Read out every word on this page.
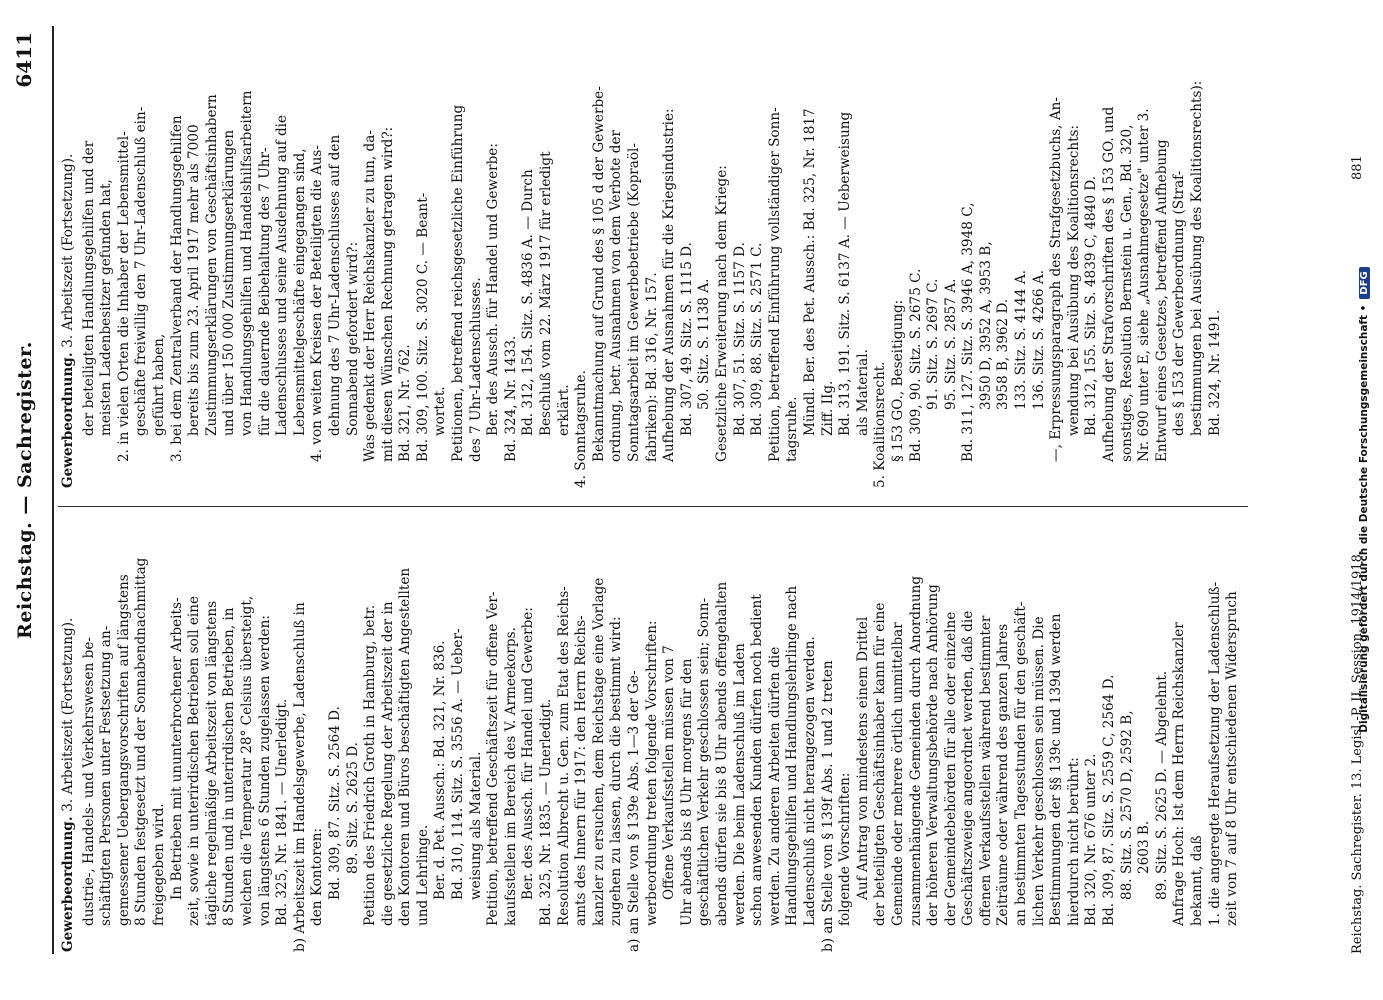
Reichstag. — Sachregister.
6411
Gewerbeordnung. 3. Arbeitszeit (Fortsetzung). dustrie-, Handels- und Verkehrswesen be- schäftigten Personen unter Festsetzung an- gemessener Uebergangsvorschriften auf längstens 8 Stunden festgesetzt und der Sonnabendnachmittag freigegeben wird. In Betrieben mit ununterbrochener Arbeits- zeit, sowie in unterirdischen Betrieben soll eine tägliche regelmäßige Arbeitszeit von längstens 8 Stunden und in unterirdischen Betrieben, in welchen die Temperatur 28° Celsius übersteigt, von längstens 6 Stunden zugelassen werden: Bd. 325, Nr. 1841. — Unerledigt. b) Arbeitszeit im Handelsgewerbe, Ladenschluß in den Kontoren: Bd. 309, 87. Sitz. S. 2564 D. 89. Sitz. S. 2625 D. Petition des Friedrich Groth in Hamburg, betr. die gesetzliche Regelung der Arbeitszeit der in den Kontoren und Büros beschäftigten Angestellten und Lehrlinge. Ber. d. Pet. Aussch.: Bd. 321, Nr. 836. Bd. 310, 114. Sitz. S. 3556 A. — Ueber- weisung als Material. Petition, betreffend Geschäftszeit für offene Ver- kaufsstellen im Bereich des V. Armeekorps. Ber. des Aussch. für Handel und Gewerbe: Bd. 325, Nr. 1835. — Unerledigt. Resolution Albrecht u. Gen. zum Etat des Reichs- amts des Innern für 1917: den Herrn Reichs- kanzler zu ersuchen, dem Reichstage eine Vorlage zugehen zu lassen, durch die bestimmt wird: a) an Stelle von § 139e Abs. 1—3 der Ge- werbeordnung treten folgende Vorschriften: Offene Verkaufsstellen müssen von 7 Uhr abends bis 8 Uhr morgens für den geschäftlichen Verkehr geschlossen sein; Sonn- abends dürfen sie bis 8 Uhr abends offengehalten werden. Die beim Ladenschluß im Laden schon anwesenden Kunden dürfen noch bedient werden. Zu anderen Arbeiten dürfen die Handlungsgehilfen und Handlungslehrlinge nach Ladenschluß nicht herangezogen werden. b) an Stelle von § 139f Abs. 1 und 2 treten folgende Vorschriften: Auf Antrag von mindestens einem Drittel der beteiligten Geschäftsinhaber kann für eine Gemeinde oder mehrere örtlich unmittelbar zusammenhängende Gemeinden durch Anordnung der höheren Verwaltungsbehörde nach Anhörung der Gemeindebehörden für alle oder einzelne Geschäftszweige angeordnet werden, daß die offenen Verkaufsstellen während bestimmter Zeiträume oder während des ganzen Jahres an bestimmten Tagesstunden für den geschäft- lichen Verkehr geschlossen sein müssen. Die Bestimmungen der §§ 139c und 139d werden hierdurch nicht berührt: Bd. 320, Nr. 676 unter 2. Bd. 309, 87. Sitz. S. 2559 C, 2564 D. 88. Sitz. S. 2570 D, 2592 B, 2603 B. 89. Sitz. S. 2625 D. — Abgelehnt. Anfrage Hoch: Ist dem Herrn Reichskanzler bekannt, daß 1. die angeregte Heraufsetzung der Ladenschluß- zeit von 7 auf 8 Uhr entschiedenen Widerspruch
Gewerbeordnung. 3. Arbeitszeit (Fortsetzung). der beteiligten Handlungsgehilfen und der meisten Ladenbesitzer gefunden hat, 2. in vielen Orten die Inhaber der Lebensmittel- geschäfte freiwillig den 7 Uhr-Ladenschluß ein- geführt haben, 3. bei dem Zentralverband der Handlungsgehilfen bereits bis zum 23. April 1917 mehr als 7000 Zustimmungserklärungen von Geschäftsinhabern und über 150 000 Zustimmungserklärungen von Handlungsgehilfen und Handelshilfsarbeitern für die dauernde Beibehaltung des 7 Uhr- Ladenschlusses und seine Ausdehnung auf die Lebensmittelgeschäfte eingegangen sind, 4. von weiten Kreisen der Beteiligten die Aus- dehnung des 7 Uhr-Ladenschlusses auf den Sonnabend gefordert wird?: Was gedenkt der Herr Reichskanzler zu tun, da- mit diesen Wünschen Rechnung getragen wird?: Bd. 321, Nr. 762. Bd. 309, 100. Sitz. S. 3020 C. — Beant- wortet. Petitionen, betreffend reichsgesetzliche Einführung des 7 Uhr-Ladenschlusses. Ber. des Aussch. für Handel und Gewerbe: Bd. 324, Nr. 1433. Bd. 312, 154. Sitz. S. 4836 A. — Durch Beschluß vom 22. März 1917 für erledigt erklärt. 4. Sonntagsruhe. Bekanntmachung auf Grund des § 105 d der Gewerbe- ordnung, betr. Ausnahmen von dem Verbote der Sonntagsarbeit im Gewerbebetriebe (Kopraöl- fabriken): Bd. 316, Nr. 157. Aufhebung der Ausnahmen für die Kriegsindustrie: Bd. 307, 49. Sitz. S. 1115 D. 50. Sitz. S. 1138 A. Gesetzliche Erweiterung nach dem Kriege: Bd. 307, 51. Sitz. S. 1157 D. Bd. 309, 88. Sitz. S. 2571 C. Petition, betreffend Einführung vollständiger Sonn- tagsruhe. Mündl. Ber. des Pet. Aussch.: Bd. 325, Nr. 1817 Ziff. IIg. Bd. 313, 191. Sitz. S. 6137 A. — Ueberweisung als Material. 5. Koalitionsrecht. § 153 GO., Beseitigung: Bd. 309, 90. Sitz. S. 2675 C. 91. Sitz. S. 2697 C. 95. Sitz. S. 2857 A. Bd. 311, 127. Sitz. S. 3946 A, 3948 C, 3950 D, 3952 A, 3953 B, 3958 B, 3962 D. 133. Sitz. S. 4144 A. 136. Sitz. S. 4266 A. —, Erpressungsparagraph des Strafgesetzbuchs, An- wendung bei Ausübung des Koalitionsrechts: Bd. 312, 155. Sitz. S. 4839 C, 4840 D. Aufhebung der Strafvorschriften des § 153 GO. und sonstiges, Resolution Bernstein u. Gen., Bd. 320, Nr. 690 unter E, siehe „Ausnahmegesetze" unter 3. Entwurf eines Gesetzes, betreffend Aufhebung des § 153 der Gewerbeordnung (Straf- bestimmungen bei Ausübung des Koalitionsrechts): Bd. 324, Nr. 1491.
Reichstag. Sachregister. 13. Legisl.-P. II. Session. 1914/1918.
881
Digitalisierung gefördert durch die Deutsche Forschungsgemeinschaft •DFG
